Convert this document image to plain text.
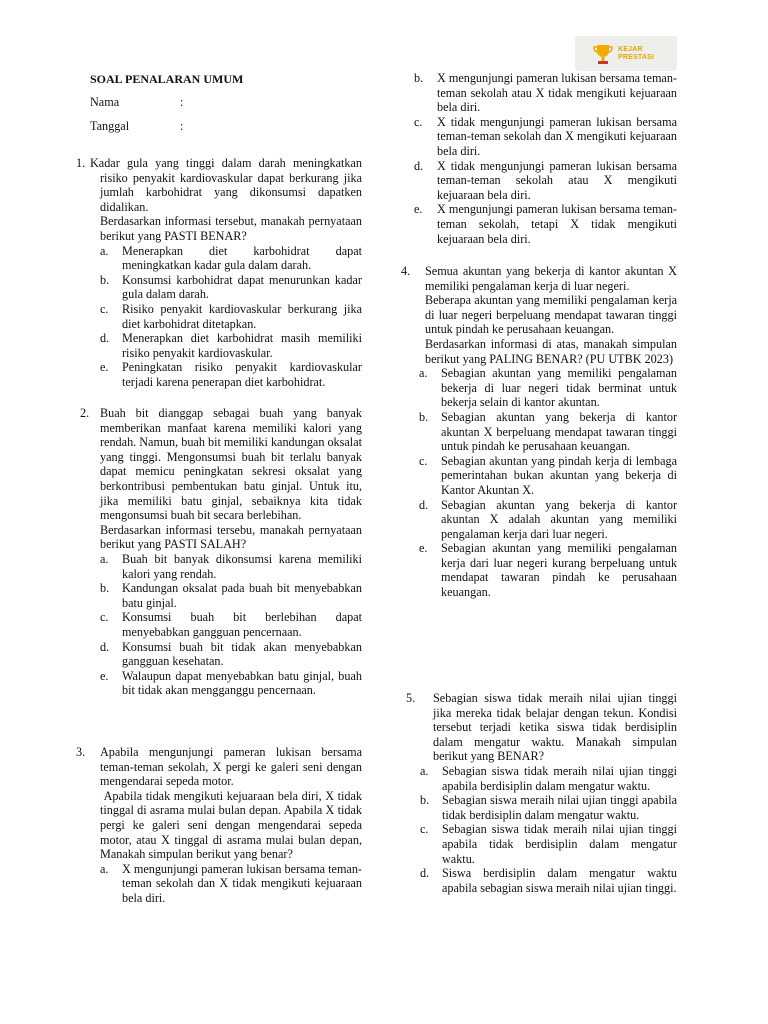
KEJAR
PRESTASI
SOAL PENALARAN UMUM
Nama	:
Tanggal	:
1. Kadar gula yang tinggi dalam darah meningkatkan risiko penyakit kardiovaskular dapat berkurang jika jumlah karbohidrat yang dikonsumsi dapatken didalikan.

Berdasarkan informasi tersebut, manakah pernyataan berikut yang PASTI BENAR?

a. Menerapkan diet karbohidrat dapat meningkatkan kadar gula dalam darah.
b. Konsumsi karbohidrat dapat menurunkan kadar gula dalam darah.
c. Risiko penyakit kardiovaskular berkurang jika diet karbohidrat ditetapkan.
d. Menerapkan diet karbohidrat masih memiliki risiko penyakit kardiovaskular.
e. Peningkatan risiko penyakit kardiovaskular terjadi karena penerapan diet karbohidrat.
2. Buah bit dianggap sebagai buah yang banyak memberikan manfaat karena memiliki kalori yang rendah. Namun, buah bit memiliki kandungan oksalat yang tinggi. Mengonsumsi buah bit terlalu banyak dapat memicu peningkatan sekresi oksalat yang berkontribusi pembentukan batu ginjal. Untuk itu, jika memiliki batu ginjal, sebaiknya kita tidak mengonsumsi buah bit secara berlebihan.

Berdasarkan informasi tersebu, manakah pernyataan berikut yang PASTI SALAH?

a. Buah bit banyak dikonsumsi karena memiliki kalori yang rendah.
b. Kandungan oksalat pada buah bit menyebabkan batu ginjal.
c. Konsumsi buah bit berlebihan dapat menyebabkan gangguan pencernaan.
d. Konsumsi buah bit tidak akan menyebabkan gangguan kesehatan.
e. Walaupun dapat menyebabkan batu ginjal, buah bit tidak akan mengganggu pencernaan.
3. Apabila mengunjungi pameran lukisan bersama teman-teman sekolah, X pergi ke galeri seni dengan mengendarai sepeda motor.

Apabila tidak mengikuti kejuaraan bela diri, X tidak tinggal di asrama mulai bulan depan. Apabila X tidak pergi ke galeri seni dengan mengendarai sepeda motor, atau X tinggal di asrama mulai bulan depan, Manakah simpulan berikut yang benar?

a. X mengunjungi pameran lukisan bersama teman-teman sekolah dan X tidak mengikuti kejuaraan bela diri.
b. X mengunjungi pameran lukisan bersama teman-teman sekolah atau X tidak mengikuti kejuaraan bela diri.
c. X tidak mengunjungi pameran lukisan bersama teman-teman sekolah dan X mengikuti kejuaraan bela diri.
d. X tidak mengunjungi pameran lukisan bersama teman-teman sekolah atau X mengikuti kejuaraan bela diri.
e. X mengunjungi pameran lukisan bersama teman-teman sekolah, tetapi X tidak mengikuti kejuaraan bela diri.
4. Semua akuntan yang bekerja di kantor akuntan X memiliki pengalaman kerja di luar negeri.

Beberapa akuntan yang memiliki pengalaman kerja di luar negeri berpeluang mendapat tawaran tinggi untuk pindah ke perusahaan keuangan.

Berdasarkan informasi di atas, manakah simpulan berikut yang PALING BENAR? (PU UTBK 2023)

a. Sebagian akuntan yang memiliki pengalaman bekerja di luar negeri tidak berminat untuk bekerja selain di kantor akuntan.
b. Sebagian akuntan yang bekerja di kantor akuntan X berpeluang mendapat tawaran tinggi untuk pindah ke perusahaan keuangan.
c. Sebagian akuntan yang pindah kerja di lembaga pemerintahan bukan akuntan yang bekerja di Kantor Akuntan X.
d. Sebagian akuntan yang bekerja di kantor akuntan X adalah akuntan yang memiliki pengalaman kerja dari luar negeri.
e. Sebagian akuntan yang memiliki pengalaman kerja dari luar negeri kurang berpeluang untuk mendapat tawaran pindah ke perusahaan keuangan.
5. Sebagian siswa tidak meraih nilai ujian tinggi jika mereka tidak belajar dengan tekun. Kondisi tersebut terjadi ketika siswa tidak berdisiplin dalam mengatur waktu. Manakah simpulan berikut yang BENAR?

a. Sebagian siswa tidak meraih nilai ujian tinggi apabila berdisiplin dalam mengatur waktu.
b. Sebagian siswa meraih nilai ujian tinggi apabila tidak berdisiplin dalam mengatur waktu.
c. Sebagian siswa tidak meraih nilai ujian tinggi apabila tidak berdisiplin dalam mengatur waktu.
d. Siswa berdisiplin dalam mengatur waktu apabila sebagian siswa meraih nilai ujian tinggi.
